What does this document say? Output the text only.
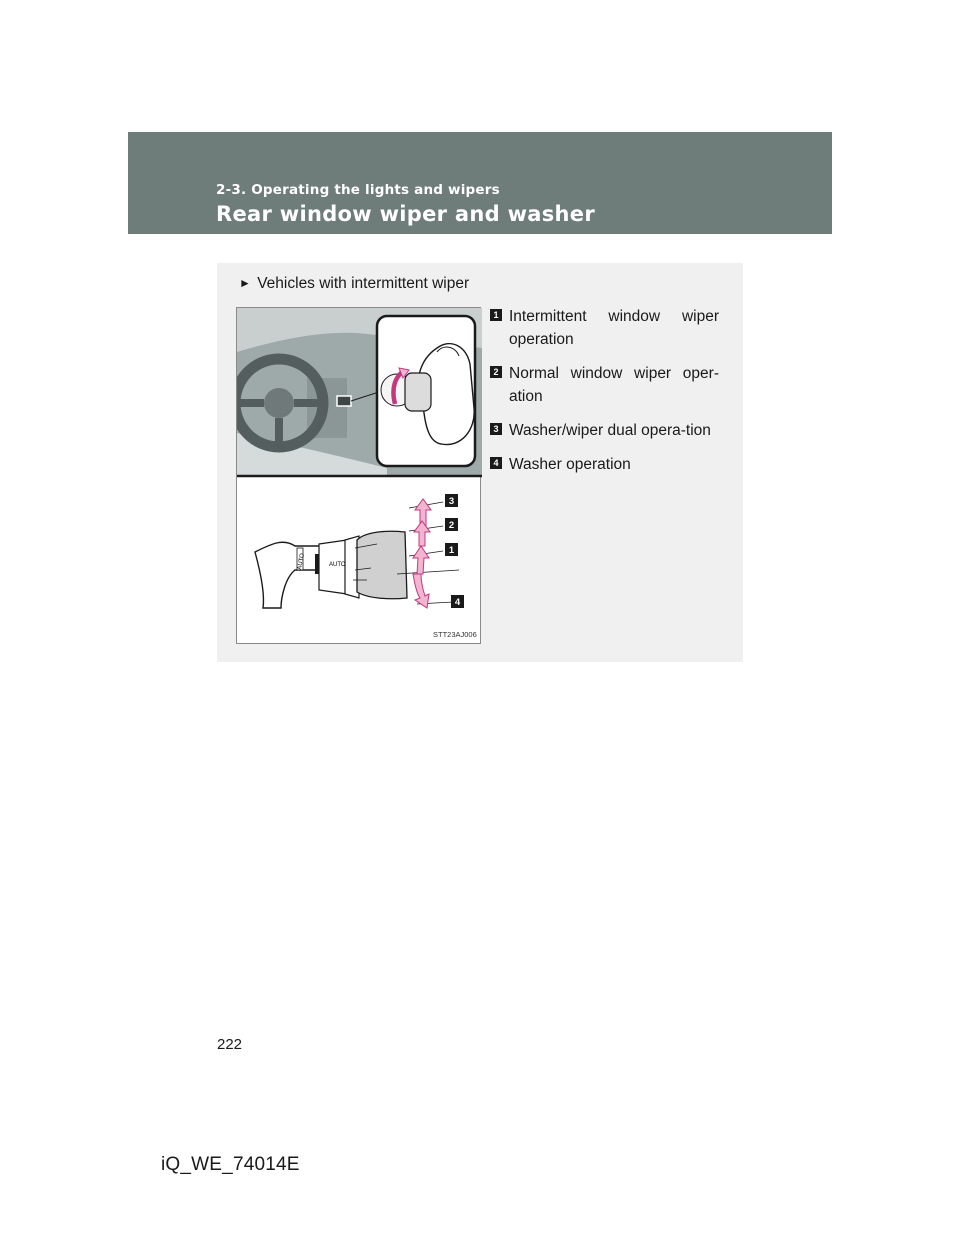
2-3. Operating the lights and wipers
Rear window wiper and washer
► Vehicles with intermittent wiper
AUTO	AUTO
3
2
1
4
STT23AJ006
1 Intermittent window wiper operation
2 Normal window wiper oper-ation
3 Washer/wiper dual opera-tion
4 Washer operation
222
iQ_WE_74014E
